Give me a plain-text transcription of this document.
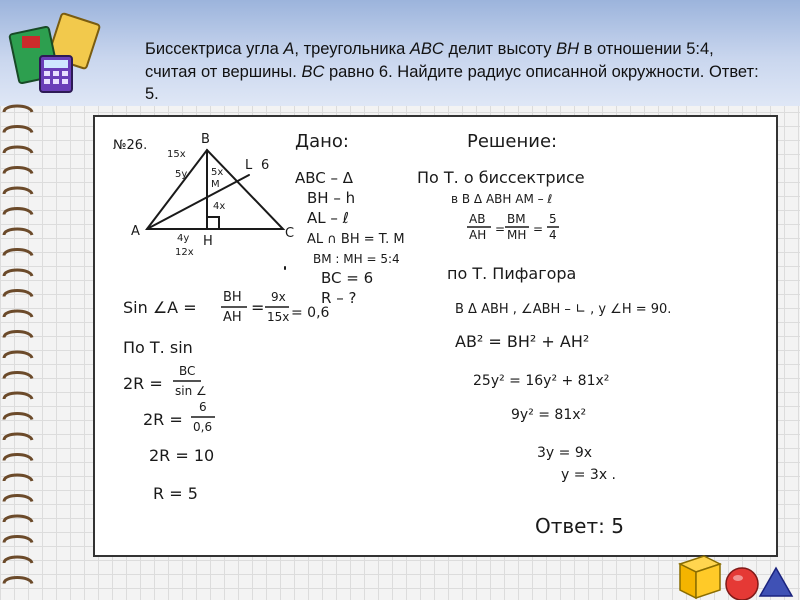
Биссектриса угла A, треугольника ABC делит высоту BH в отношении 5:4, считая от вершины. BC равно 6. Найдите радиус описанной окружности. Ответ: 5.
№26.	B
A	C
H
M
L 6
15x
5y 5x
4x
4y
12x
Дано:
ABC – Δ
BH – h
AL – ℓ
AL ∩ BH = T. M
BM : MH = 5:4
BC = 6
R – ?
Решение:
По Т. о биссектрисе
в В Δ ABH AM – ℓ
AB
AH =
BM
MH =
5
4
по Т. Пифагора
В Δ ABH , ∠ABH – ∟ , y ∠H = 90.
AB² = BH² + AH²
25y² = 16y² + 81x²
9y² = 81x²
3y = 9x
y = 3x .
Ответ: 5
Sin ∠A =
BH
AH
=
9x
15x = 0,6
По Т. sin
2R =
BC
sin ∠
2R =
6
0,6
2R = 10
R = 5
